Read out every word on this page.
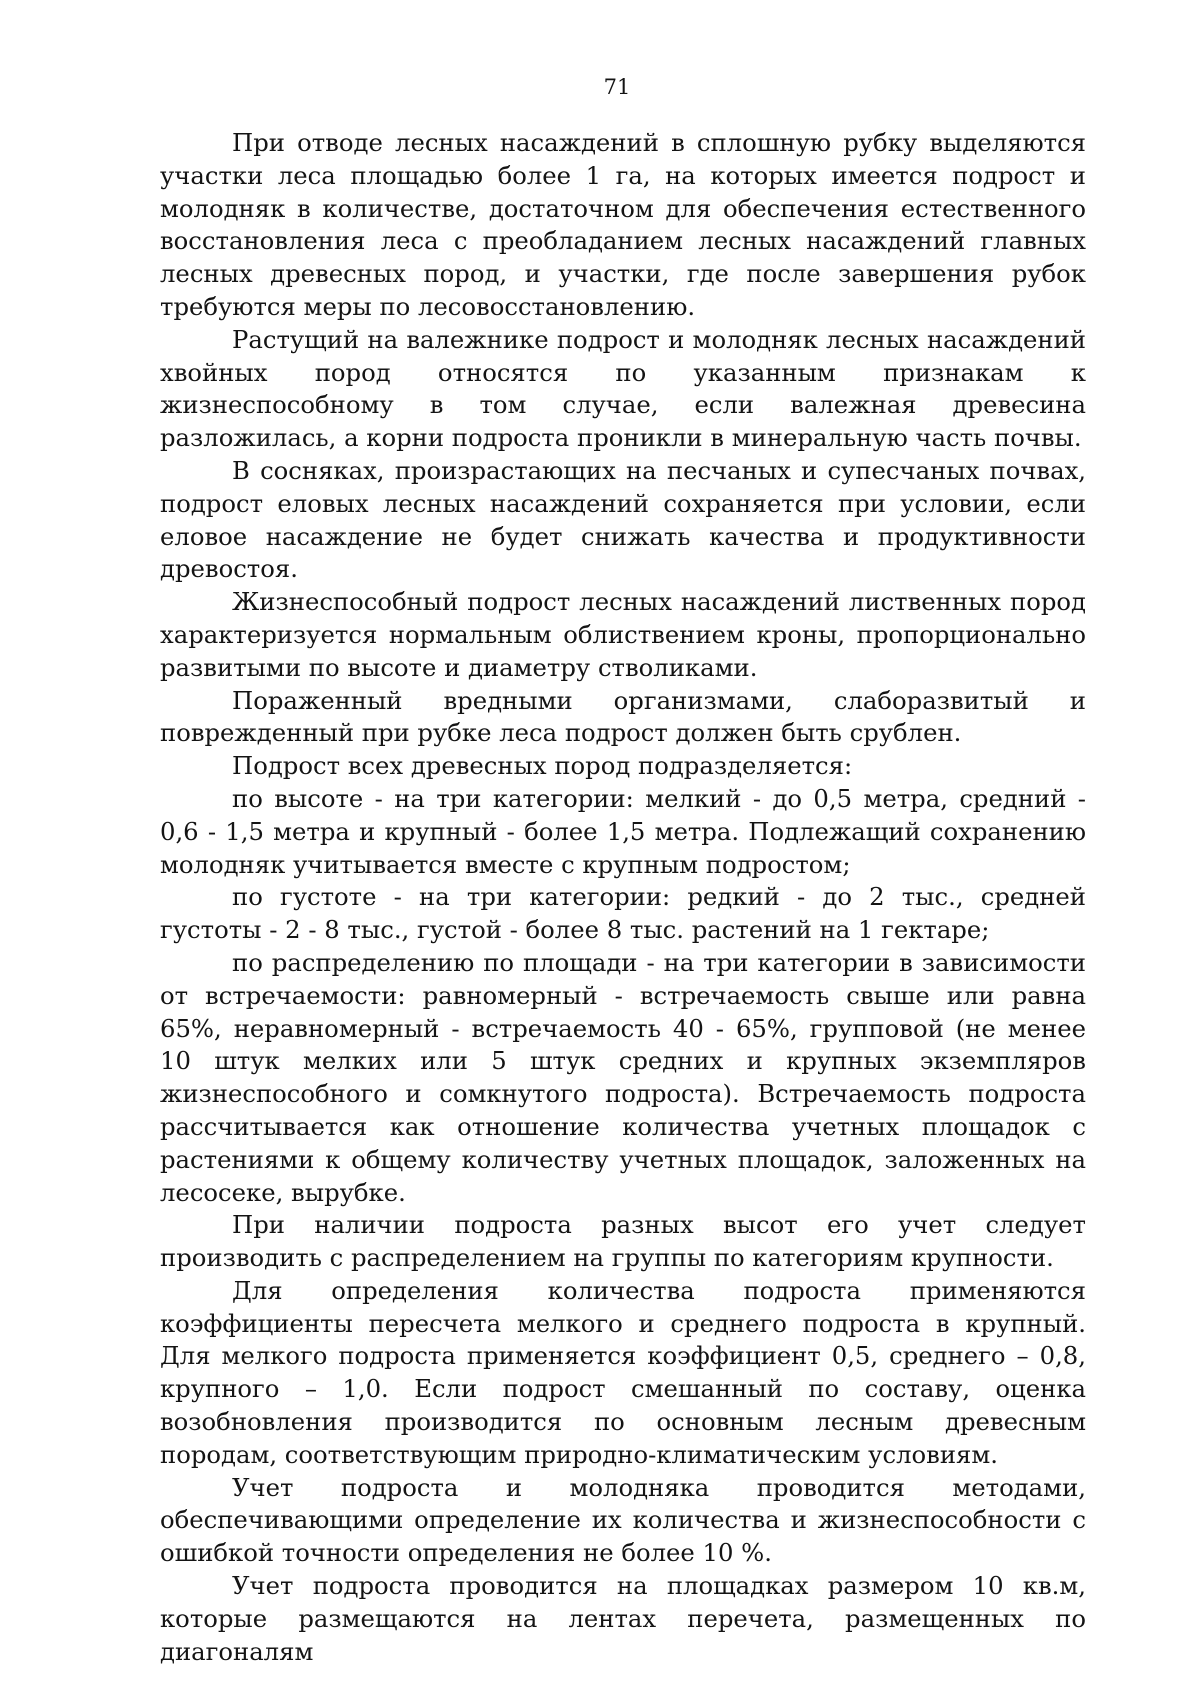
71

При отводе лесных насаждений в сплошную рубку выделяются участки леса площадью более 1 га, на которых имеется подрост и молодняк в количестве, достаточном для обеспечения естественного восстановления леса с преобладанием лесных насаждений главных лесных древесных пород, и участки, где после завершения рубок требуются меры по лесовосстановлению.

Растущий на валежнике подрост и молодняк лесных насаждений хвойных пород относятся по указанным признакам к жизнеспособному в том случае, если валежная древесина разложилась, а корни подроста проникли в минеральную часть почвы.

В сосняках, произрастающих на песчаных и супесчаных почвах, подрост еловых лесных насаждений сохраняется при условии, если еловое насаждение не будет снижать качества и продуктивности древостоя.

Жизнеспособный подрост лесных насаждений лиственных пород характеризуется нормальным облиствением кроны, пропорционально развитыми по высоте и диаметру стволиками.

Пораженный вредными организмами, слаборазвитый и поврежденный при рубке леса подрост должен быть срублен.

Подрост всех древесных пород подразделяется:

по высоте - на три категории: мелкий - до 0,5 метра, средний - 0,6 - 1,5 метра и крупный - более 1,5 метра. Подлежащий сохранению молодняк учитывается вместе с крупным подростом;

по густоте - на три категории: редкий - до 2 тыс., средней густоты - 2 - 8 тыс., густой - более 8 тыс. растений на 1 гектаре;

по распределению по площади - на три категории в зависимости от встречаемости: равномерный - встречаемость свыше или равна 65%, неравномерный - встречаемость 40 - 65%, групповой (не менее 10 штук мелких или 5 штук средних и крупных экземпляров жизнеспособного и сомкнутого подроста). Встречаемость подроста рассчитывается как отношение количества учетных площадок с растениями к общему количеству учетных площадок, заложенных на лесосеке, вырубке.

При наличии подроста разных высот его учет следует производить с распределением на группы по категориям крупности.

Для определения количества подроста применяются коэффициенты пересчета мелкого и среднего подроста в крупный. Для мелкого подроста применяется коэффициент 0,5, среднего – 0,8, крупного – 1,0. Если подрост смешанный по составу, оценка возобновления производится по основным лесным древесным породам, соответствующим природно-климатическим условиям.

Учет подроста и молодняка проводится методами, обеспечивающими определение их количества и жизнеспособности с ошибкой точности определения не более 10 %.

Учет подроста проводится на площадках размером 10 кв.м, которые размещаются на лентах перечета, размещенных по диагоналям
